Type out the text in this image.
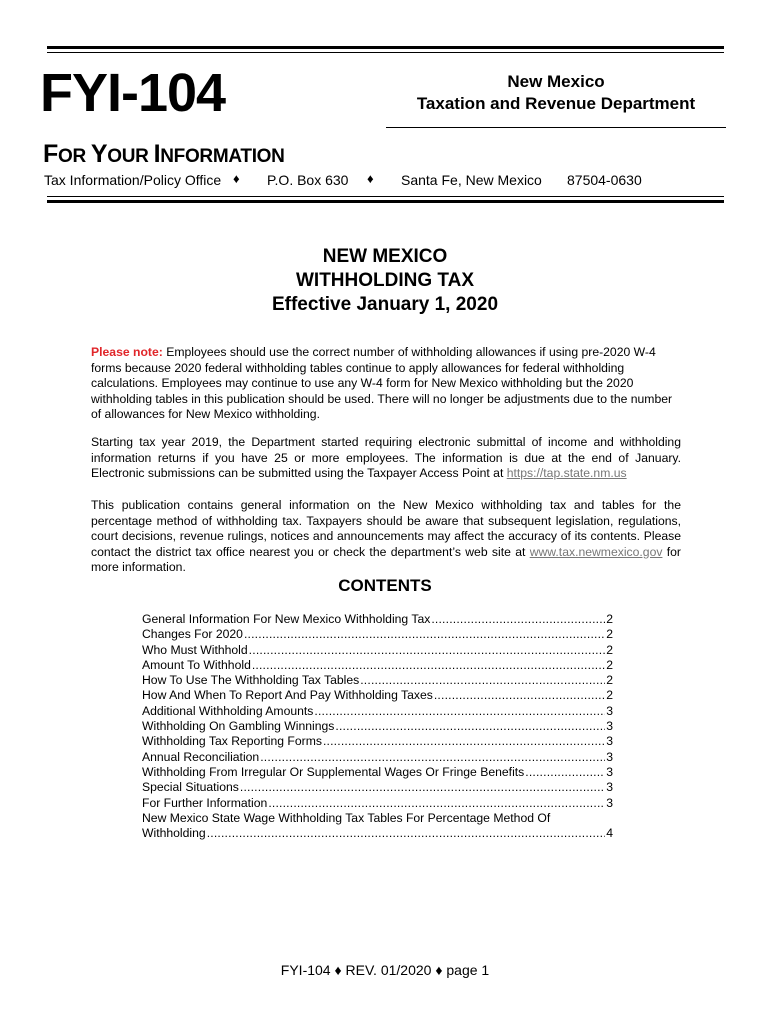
FYI-104	New Mexico
Taxation and Revenue Department
FOR YOUR INFORMATION
Tax Information/Policy Office ♦ P.O. Box 630 ♦ Santa Fe, New Mexico 87504-0630
NEW MEXICO
WITHHOLDING TAX
Effective January 1, 2020
Please note: Employees should use the correct number of withholding allowances if using pre-2020 W-4 forms because 2020 federal withholding tables continue to apply allowances for federal withholding calculations. Employees may continue to use any W-4 form for New Mexico withholding but the 2020 withholding tables in this publication should be used. There will no longer be adjustments due to the number of allowances for New Mexico withholding.
Starting tax year 2019, the Department started requiring electronic submittal of income and withholding information returns if you have 25 or more employees. The information is due at the end of January. Electronic submissions can be submitted using the Taxpayer Access Point at https://tap.state.nm.us
This publication contains general information on the New Mexico withholding tax and tables for the percentage method of withholding tax. Taxpayers should be aware that subsequent legislation, regulations, court decisions, revenue rulings, notices and announcements may affect the accuracy of its contents. Please contact the district tax office nearest you or check the department’s web site at www.tax.newmexico.gov for more information.
CONTENTS
General Information For New Mexico Withholding Tax . . .	2
Changes For 2020 . . .	2
Who Must Withhold . . .	2
Amount To Withhold . . .	2
How To Use The Withholding Tax Tables . . .	2
How And When To Report And Pay Withholding Taxes . . .	2
Additional Withholding Amounts . . .	3
Withholding On Gambling Winnings . . .	3
Withholding Tax Reporting Forms . . .	3
Annual Reconciliation . . .	3
Withholding From Irregular Or Supplemental Wages Or Fringe Benefits . . .	3
Special Situations . . .	3
For Further Information . . .	3
New Mexico State Wage Withholding Tax Tables For Percentage Method Of
Withholding . . .	4
FYI-104 ♦ REV. 01/2020 ♦ page 1
